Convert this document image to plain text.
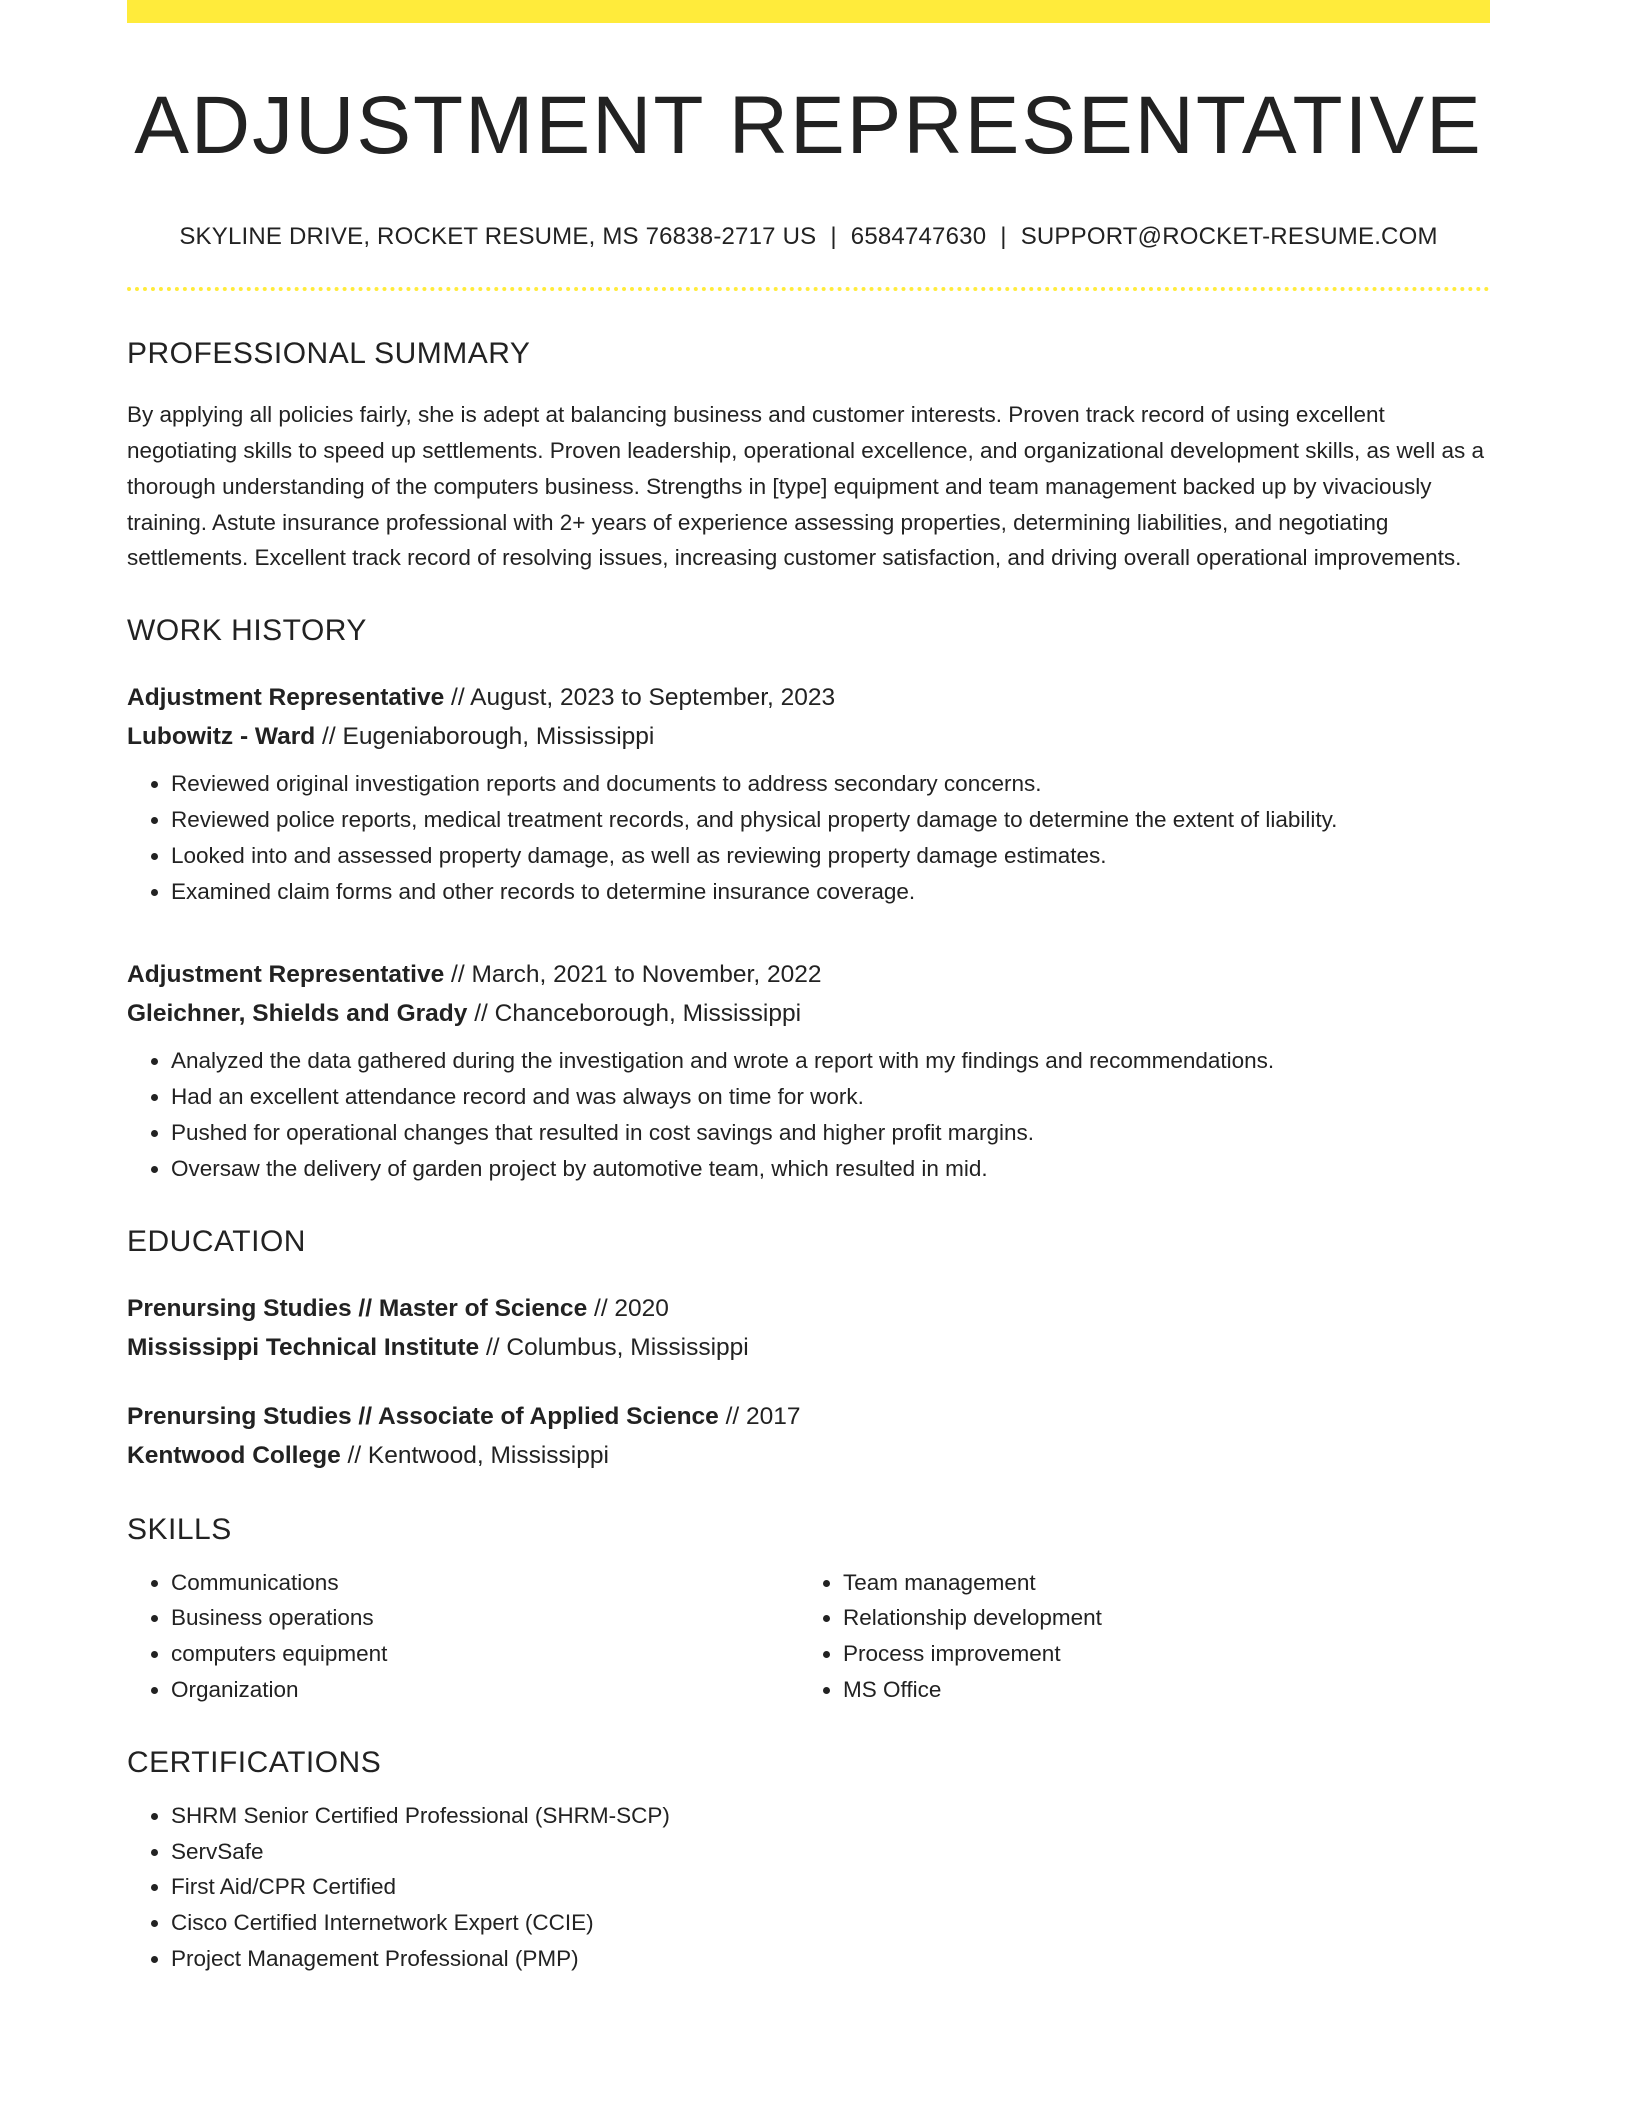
ADJUSTMENT REPRESENTATIVE
SKYLINE DRIVE, ROCKET RESUME, MS 76838-2717 US | 6584747630 | SUPPORT@ROCKET-RESUME.COM
PROFESSIONAL SUMMARY
By applying all policies fairly, she is adept at balancing business and customer interests. Proven track record of using excellent negotiating skills to speed up settlements. Proven leadership, operational excellence, and organizational development skills, as well as a thorough understanding of the computers business. Strengths in [type] equipment and team management backed up by vivaciously training. Astute insurance professional with 2+ years of experience assessing properties, determining liabilities, and negotiating settlements. Excellent track record of resolving issues, increasing customer satisfaction, and driving overall operational improvements.
WORK HISTORY
Adjustment Representative // August, 2023 to September, 2023
Lubowitz - Ward // Eugeniaborough, Mississippi
• Reviewed original investigation reports and documents to address secondary concerns.
• Reviewed police reports, medical treatment records, and physical property damage to determine the extent of liability.
• Looked into and assessed property damage, as well as reviewing property damage estimates.
• Examined claim forms and other records to determine insurance coverage.
Adjustment Representative // March, 2021 to November, 2022
Gleichner, Shields and Grady // Chanceborough, Mississippi
• Analyzed the data gathered during the investigation and wrote a report with my findings and recommendations.
• Had an excellent attendance record and was always on time for work.
• Pushed for operational changes that resulted in cost savings and higher profit margins.
• Oversaw the delivery of garden project by automotive team, which resulted in mid.
EDUCATION
Prenursing Studies // Master of Science // 2020
Mississippi Technical Institute // Columbus, Mississippi
Prenursing Studies // Associate of Applied Science // 2017
Kentwood College // Kentwood, Mississippi
SKILLS
• Communications
• Business operations
• computers equipment
• Organization
• Team management
• Relationship development
• Process improvement
• MS Office
CERTIFICATIONS
• SHRM Senior Certified Professional (SHRM-SCP)
• ServSafe
• First Aid/CPR Certified
• Cisco Certified Internetwork Expert (CCIE)
• Project Management Professional (PMP)
